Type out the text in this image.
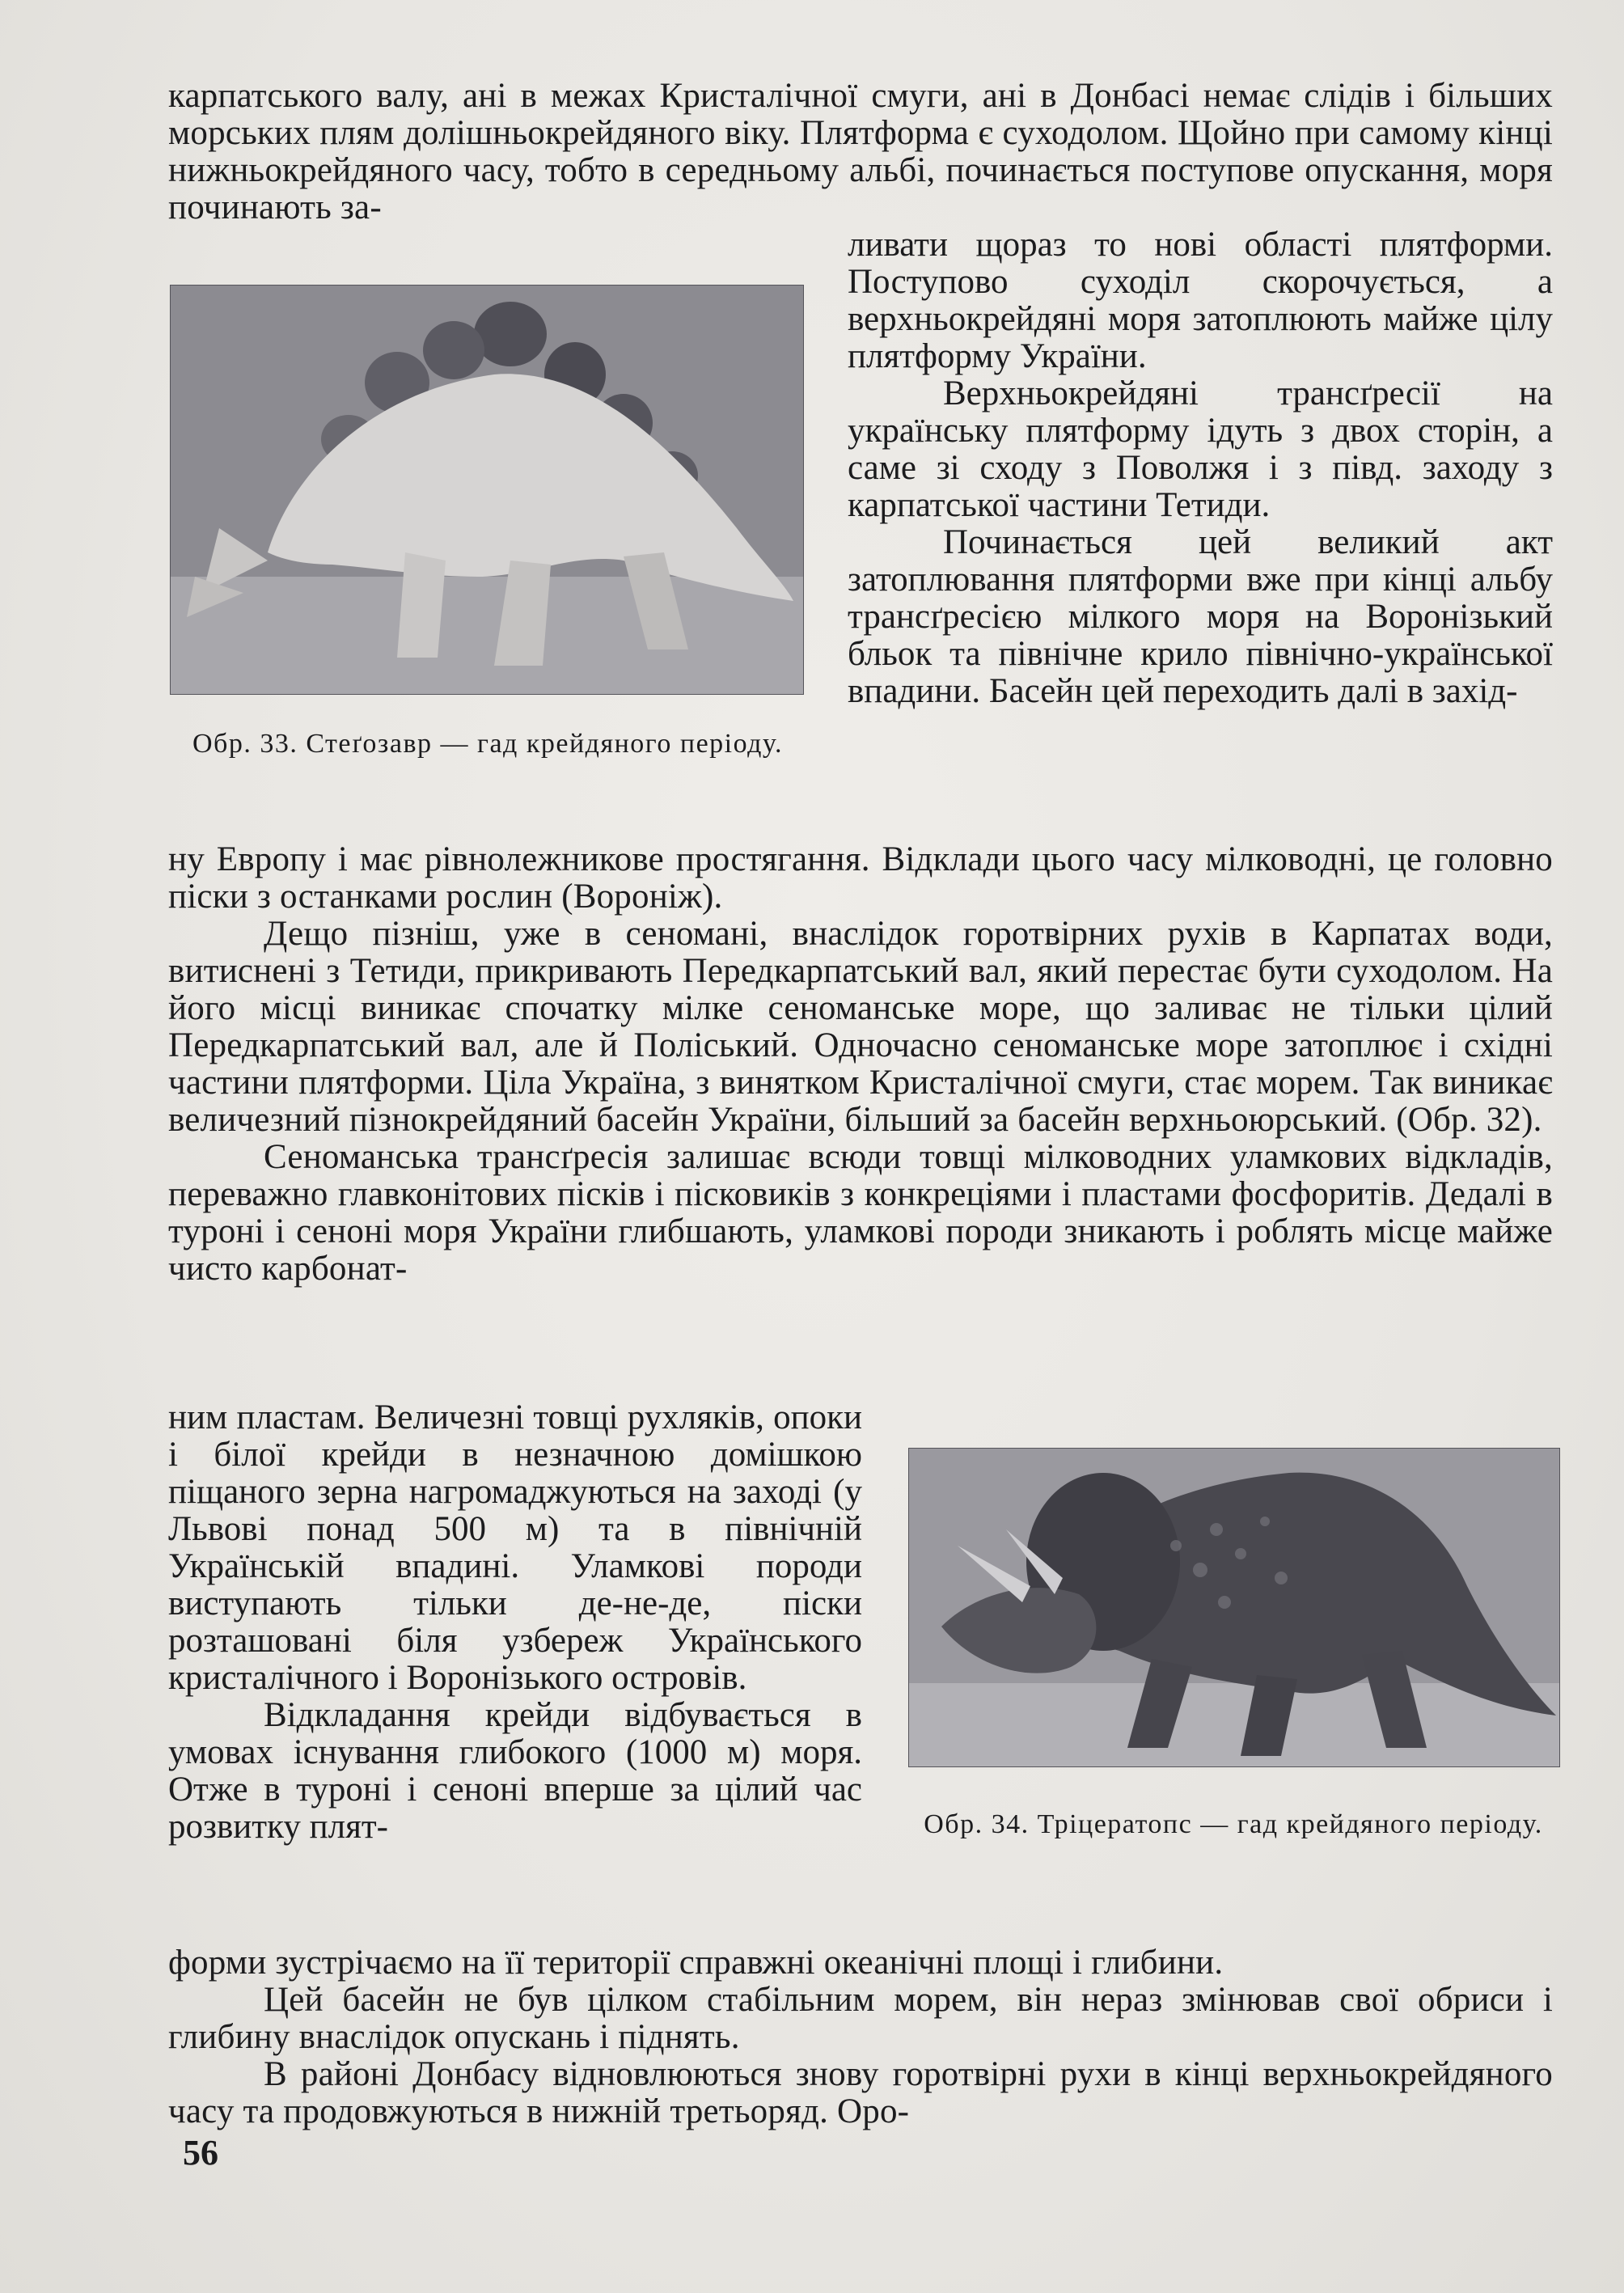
карпатського валу, ані в межах Кристалічної смуги, ані в Донбасі немає слідів і більших морських плям долішньокрейдяного віку. Плятформа є суходолом. Щойно при самому кінці нижньокрейдяного часу, тобто в середньому альбі, починається поступове опускання, моря починають за-

Обр. 33. Стеґозавр — гад крейдяного періоду.

ливати щораз то нові області плятформи. Поступово суходіл скорочується, а верхньокрейдяні моря затоплюють майже цілу плятформу України.

Верхньокрейдяні трансґресії на українську плятформу ідуть з двох сторін, а саме зі сходу з Поволжя і з півд. заходу з карпатської частини Тетиди.

Починається цей великий акт затоплювання плятформи вже при кінці альбу трансґресією мілкого моря на Воронізький бльок та північне крило північно-української впадини. Басейн цей переходить далі в захід-

ну Европу і має рівнолежникове простягання. Відклади цього часу мілководні, це головно піски з останками рослин (Вороніж).

Дещо пізніш, уже в сеномані, внаслідок горотвірних рухів в Карпатах води, витиснені з Тетиди, прикривають Передкарпатський вал, який перестає бути суходолом. На його місці виникає спочатку мілке сеноманське море, що заливає не тільки цілий Передкарпатський вал, але й Поліський. Одночасно сеноманське море затоплює і східні частини плятформи. Ціла Україна, з винятком Кристалічної смуги, стає морем. Так виникає величезний пізнокрейдяний басейн України, більший за басейн верхньоюрський. (Обр. 32).

Сеноманська трансґресія залишає всюди товщі мілководних уламкових відкладів, переважно главконітових пісків і пісковиків з конкреціями і пластами фосфоритів. Дедалі в туроні і сеноні моря України глибшають, уламкові породи зникають і роблять місце майже чисто карбонат-

Обр. 34. Тріцератопс — гад крейдяного періоду.

ним пластам. Величезні товщі рухляків, опоки і білої крейди в незначною домішкою піщаного зерна нагромаджуються на заході (у Львові понад 500 м) та в північній Українській впадині. Уламкові породи виступають тільки де-не-де, піски розташовані біля узбереж Українського кристалічного і Воронізького островів.

Відкладання крейди відбувається в умовах існування глибокого (1000 м) моря. Отже в туроні і сеноні вперше за цілий час розвитку плят-

форми зустрічаємо на її території справжні океанічні площі і глибини.

Цей басейн не був цілком стабільним морем, він нераз змінював свої обриси і глибину внаслідок опускань і піднять.

В районі Донбасу відновлюються знову горотвірні рухи в кінці верхньокрейдяного часу та продовжуються в нижній третьоряд. Оро-

56
